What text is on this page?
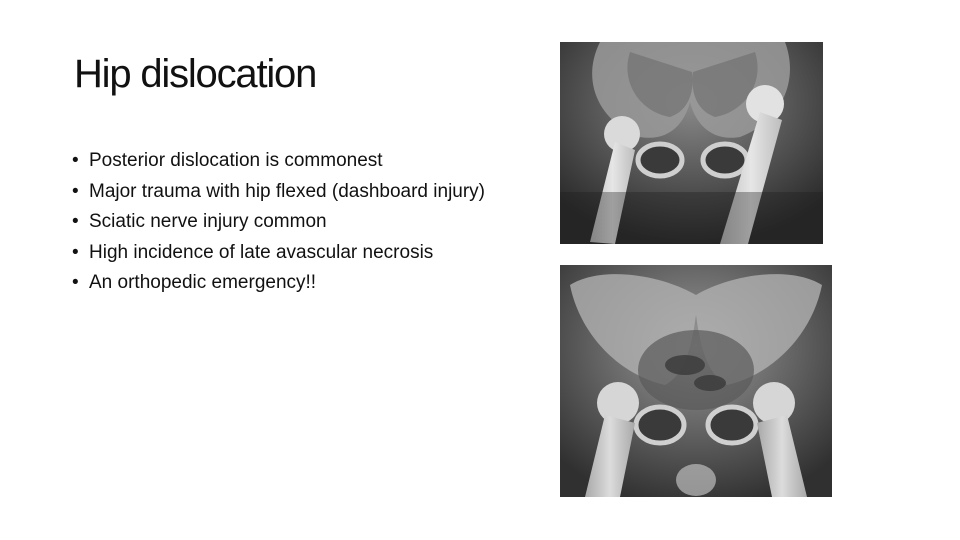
Hip dislocation
• Posterior dislocation is commonest
• Major trauma with hip flexed (dashboard injury)
• Sciatic nerve injury common
• High incidence of late avascular necrosis
• An orthopedic emergency!!
